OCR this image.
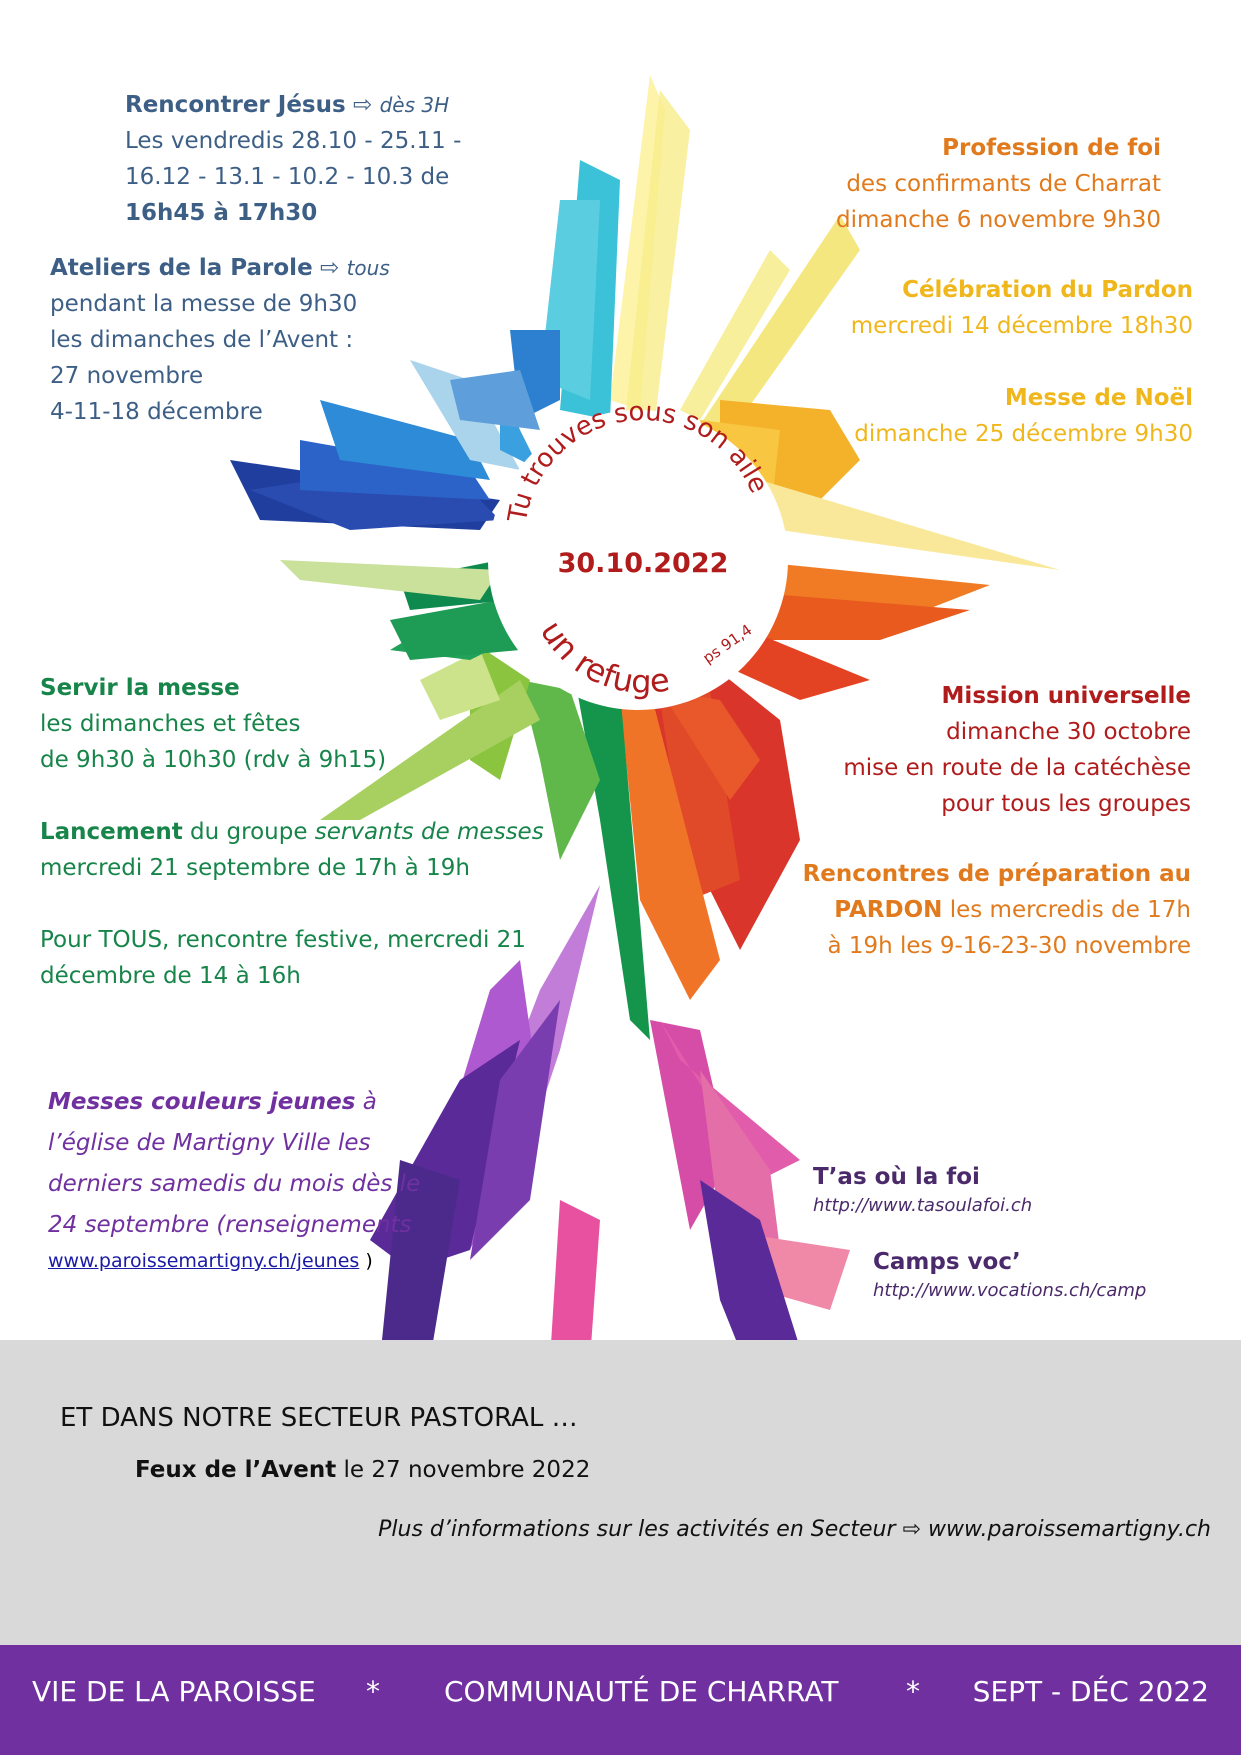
Tu trouves sous son aile
30.10.2022
un refuge
ps 91,4
Rencontrer Jésus ⇨ dès 3H
Les vendredis 28.10 - 25.11 -
16.12 - 13.1 - 10.2 - 10.3 de
16h45 à 17h30
Ateliers de la Parole ⇨ tous
pendant la messe de 9h30
les dimanches de l’Avent :
27 novembre
4-11-18 décembre
Profession de foi
des confirmants de Charrat
dimanche 6 novembre 9h30
Célébration du Pardon
mercredi 14 décembre 18h30
Messe de Noël
dimanche 25 décembre 9h30
Servir la messe
les dimanches et fêtes
de 9h30 à 10h30 (rdv à 9h15)
Lancement du groupe servants de messes
mercredi 21 septembre de 17h à 19h
Pour TOUS, rencontre festive, mercredi 21
décembre de 14 à 16h
Mission universelle
dimanche 30 octobre
mise en route de la catéchèse
pour tous les groupes
Rencontres de préparation au
PARDON les mercredis de 17h
à 19h les 9-16-23-30 novembre
Messes couleurs jeunes à
l’église de Martigny Ville les
derniers samedis du mois dès le
24 septembre (renseignements
www.paroissemartigny.ch/jeunes )
T’as où la foi
http://www.tasoulafoi.ch
Camps voc’
http://www.vocations.ch/camp
ET DANS NOTRE SECTEUR PASTORAL …
Feux de l’Avent le 27 novembre 2022
Plus d’informations sur les activités en Secteur ⇨ www.paroissemartigny.ch
VIE DE LA PAROISSE * COMMUNAUTÉ DE CHARRAT * SEPT - DÉC 2022
